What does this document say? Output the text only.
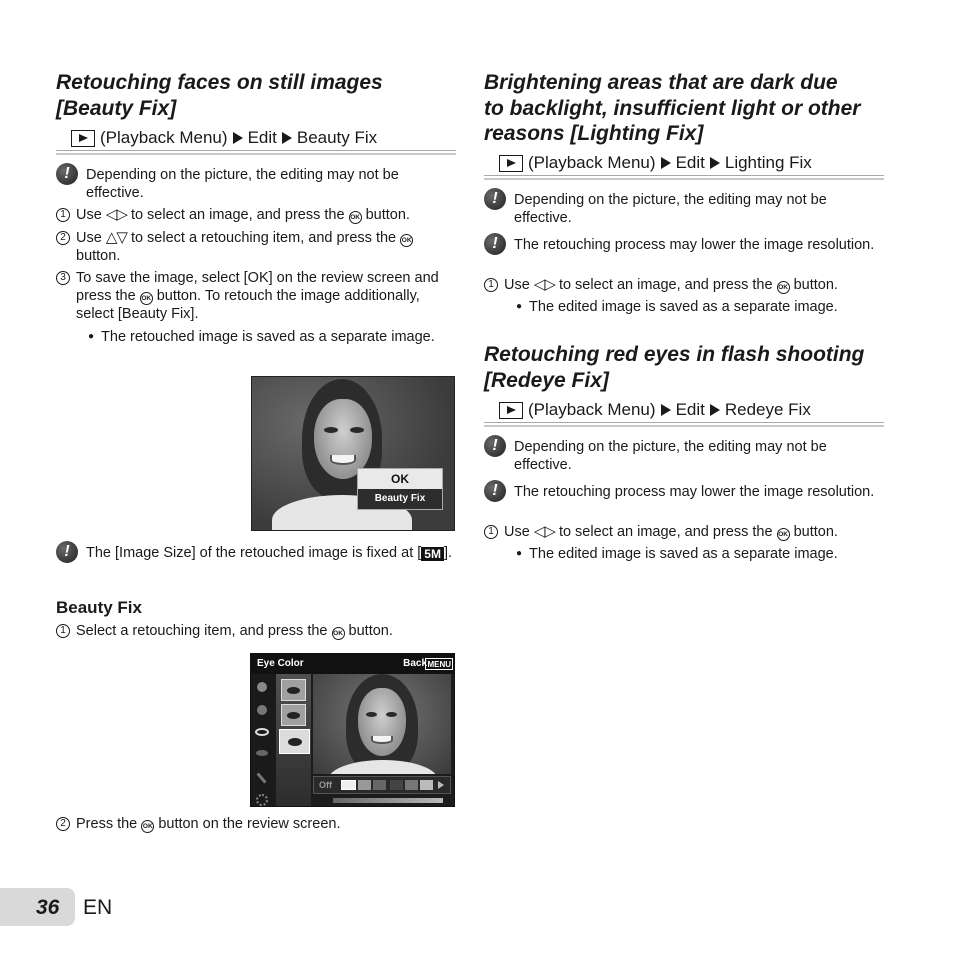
Retouching faces on still images
[Beauty Fix]
(Playback Menu) Edit Beauty Fix
!	Depending on the picture, the editing may not be effective.
1 Use ◁▷ to select an image, and press the OK button.
2 Use △▽ to select a retouching item, and press the OK button.
3 To save the image, select [OK] on the review screen and press the OK button. To retouch the image additionally, select [Beauty Fix].
● The retouched image is saved as a separate image.
OK
Beauty Fix
!	The [Image Size] of the retouched image is fixed at [ 5M ].
Beauty Fix
1 Select a retouching item, and press the OK button.
Eye Color	Back MENU
Off
2 Press the OK button on the review screen.
Brightening areas that are dark due
to backlight, insufficient light or other
reasons [Lighting Fix]
(Playback Menu) Edit Lighting Fix
!	Depending on the picture, the editing may not be effective.
!	The retouching process may lower the image resolution.
1 Use ◁▷ to select an image, and press the OK button.
● The edited image is saved as a separate image.
Retouching red eyes in flash shooting
[Redeye Fix]
(Playback Menu) Edit Redeye Fix
!	Depending on the picture, the editing may not be effective.
!	The retouching process may lower the image resolution.
1 Use ◁▷ to select an image, and press the OK button.
● The edited image is saved as a separate image.
36 EN
